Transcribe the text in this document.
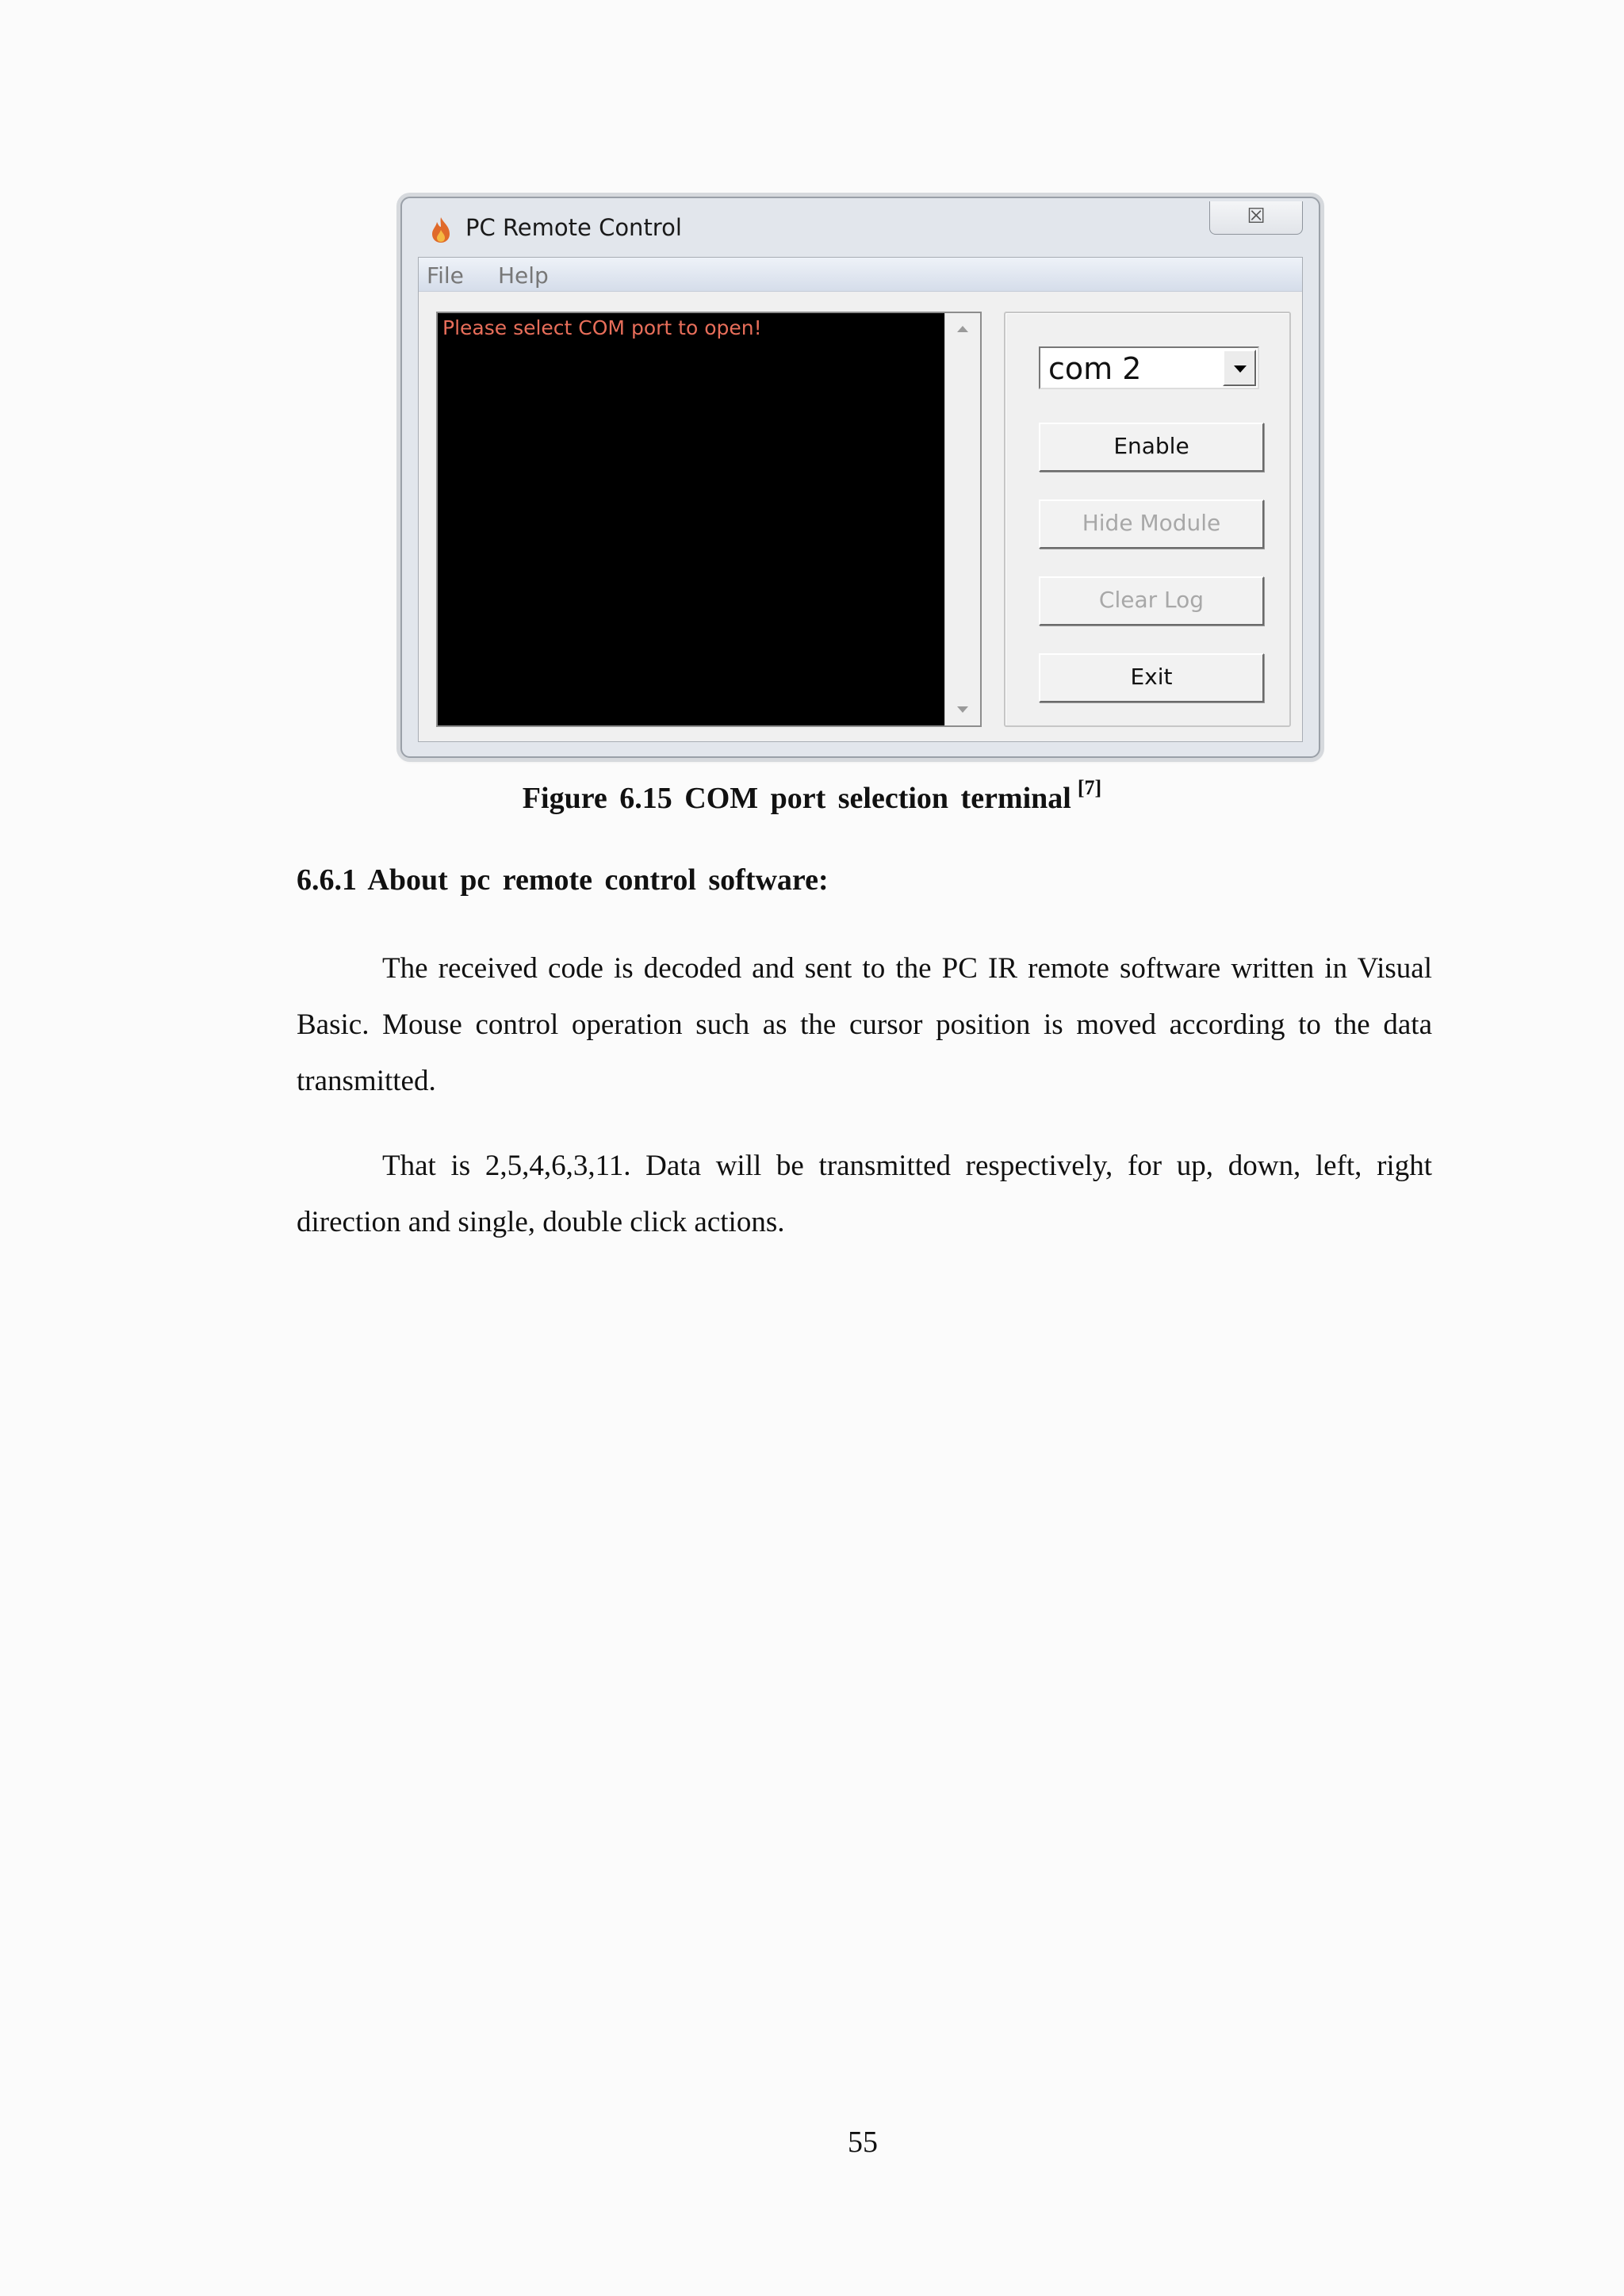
PC Remote Control	☒
File Help
Please select COM port to open!
com 2
Enable
Hide Module
Clear Log
Exit
Figure 6.15 COM port selection terminal [7]
6.6.1 About pc remote control software:

The received code is decoded and sent to the PC IR remote software written in Visual Basic. Mouse control operation such as the cursor position is moved according to the data transmitted.

That is 2,5,4,6,3,11. Data will be transmitted respectively, for up, down, left, right direction and single, double click actions.

55
